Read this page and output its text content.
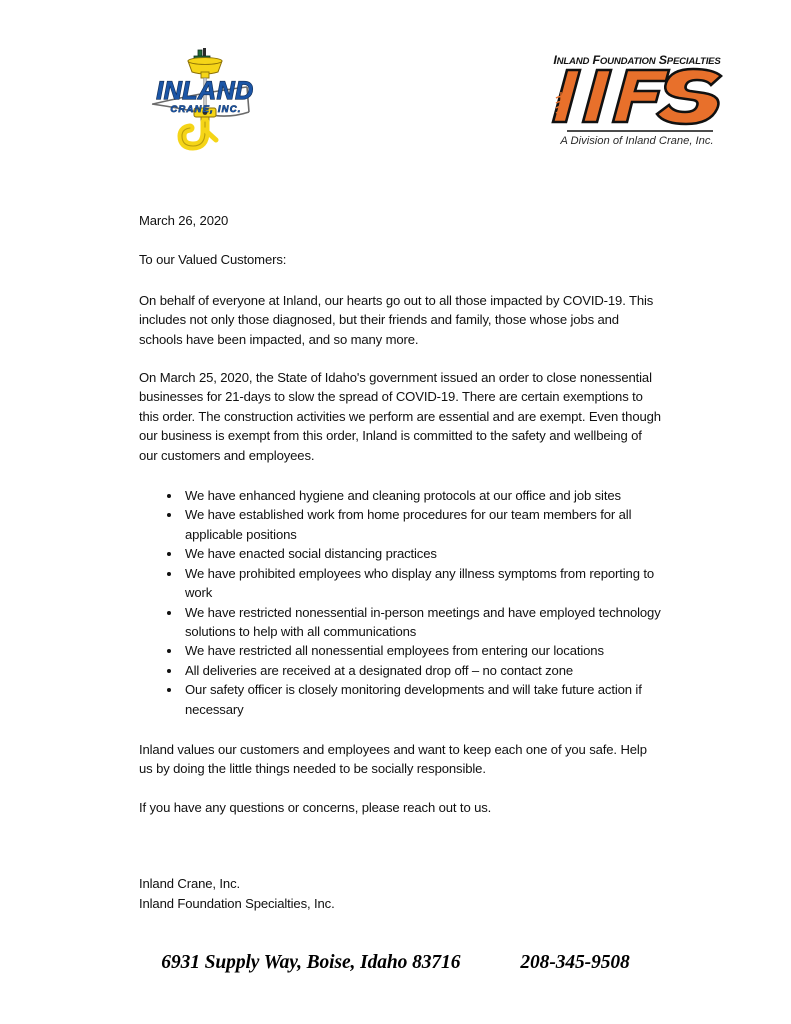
INLAND
CRANE, INC.
INLAND FOUNDATION SPECIALTIES
A Division of Inland Crane, Inc.

March 26, 2020

To our Valued Customers:

On behalf of everyone at Inland, our hearts go out to all those impacted by COVID-19. This includes not only those diagnosed, but their friends and family, those whose jobs and schools have been impacted, and so many more.

On March 25, 2020, the State of Idaho's government issued an order to close nonessential businesses for 21-days to slow the spread of COVID-19. There are certain exemptions to this order. The construction activities we perform are essential and are exempt. Even though our business is exempt from this order, Inland is committed to the safety and wellbeing of our customers and employees.

We have enhanced hygiene and cleaning protocols at our office and job sites
We have established work from home procedures for our team members for all applicable positions
We have enacted social distancing practices
We have prohibited employees who display any illness symptoms from reporting to work
We have restricted nonessential in-person meetings and have employed technology solutions to help with all communications
We have restricted all nonessential employees from entering our locations
All deliveries are received at a designated drop off – no contact zone
Our safety officer is closely monitoring developments and will take future action if necessary

Inland values our customers and employees and want to keep each one of you safe. Help us by doing the little things needed to be socially responsible.

If you have any questions or concerns, please reach out to us.

Inland Crane, Inc.

Inland Foundation Specialties, Inc.

6931 Supply Way, Boise, Idaho 83716	208-345-9508
